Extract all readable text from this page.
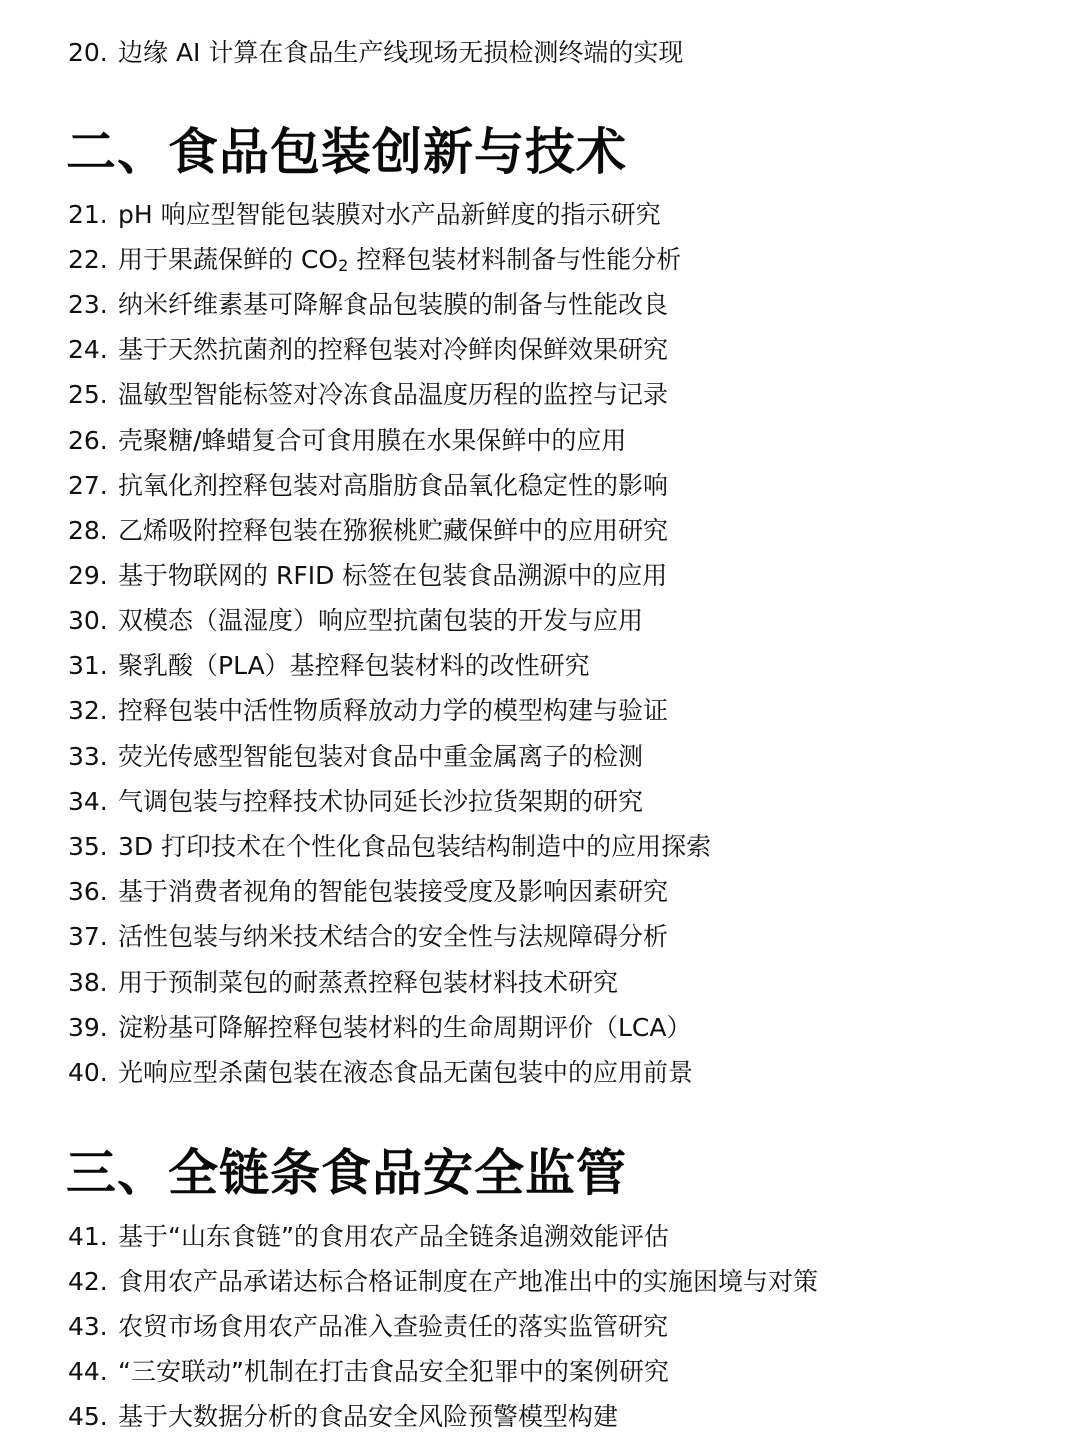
20. 边缘 AI 计算在食品生产线现场无损检测终端的实现
二、食品包装创新与技术
21. pH 响应型智能包装膜对水产品新鲜度的指示研究
22. 用于果蔬保鲜的 $CO_2$ 控释包装材料制备与性能分析
23. 纳米纤维素基可降解食品包装膜的制备与性能改良
24. 基于天然抗菌剂的控释包装对冷鲜肉保鲜效果研究
25. 温敏型智能标签对冷冻食品温度历程的监控与记录
26. 壳聚糖/蜂蜡复合可食用膜在水果保鲜中的应用
27. 抗氧化剂控释包装对高脂肪食品氧化稳定性的影响
28. 乙烯吸附控释包装在猕猴桃贮藏保鲜中的应用研究
29. 基于物联网的 RFID 标签在包装食品溯源中的应用
30. 双模态（温湿度）响应型抗菌包装的开发与应用
31. 聚乳酸（PLA）基控释包装材料的改性研究
32. 控释包装中活性物质释放动力学的模型构建与验证
33. 荧光传感型智能包装对食品中重金属离子的检测
34. 气调包装与控释技术协同延长沙拉货架期的研究
35. 3D 打印技术在个性化食品包装结构制造中的应用探索
36. 基于消费者视角的智能包装接受度及影响因素研究
37. 活性包装与纳米技术结合的安全性与法规障碍分析
38. 用于预制菜包的耐蒸煮控释包装材料技术研究
39. 淀粉基可降解控释包装材料的生命周期评价（LCA）
40. 光响应型杀菌包装在液态食品无菌包装中的应用前景
三、全链条食品安全监管
41. 基于“山东食链”的食用农产品全链条追溯效能评估
42. 食用农产品承诺达标合格证制度在产地准出中的实施困境与对策
43. 农贸市场食用农产品准入查验责任的落实监管研究
44. “三安联动”机制在打击食品安全犯罪中的案例研究
45. 基于大数据分析的食品安全风险预警模型构建
